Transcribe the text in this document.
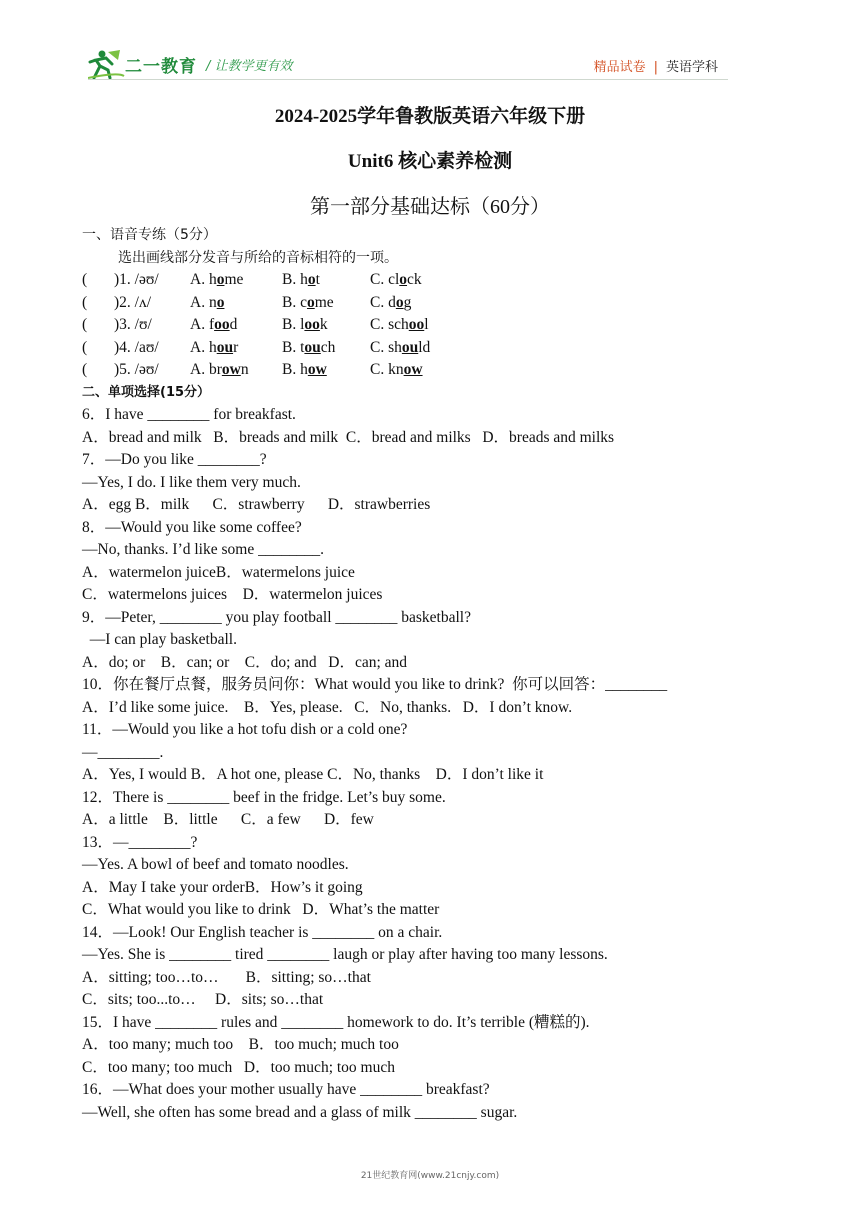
二一教育 / 让教学更有效	精品试卷 | 英语学科
2024-2025学年鲁教版英语六年级下册
Unit6 核心素养检测
第一部分基础达标（60分）
一、语音专练（5分）
选出画线部分发音与所给的音标相符的一项。
( )1. /əʊ/ A. home B. hot	C. clock
( )2. /ʌ/	A. no	B. come C. dog
( )3. /ʊ/ A. food	B. look	C. school
( )4. /aʊ/ A. hour	B. touch C. should
( )5. /əʊ/ A. brown B. how	C. know
二、单项选择(15分）
6．I have ________ for breakfast.
A．bread and milk   B．breads and milk  C．bread and milks   D．breads and milks
7．—Do you like ________?
—Yes, I do. I like them very much.
A．egg B．milk      C．strawberry      D．strawberries
8．—Would you like some coffee?
—No, thanks. I’d like some ________.
A．watermelon juiceB．watermelons juice
C．watermelons juices    D．watermelon juices
9．—Peter, ________ you play football ________ basketball?
—I can play basketball.
A．do; or    B．can; or    C．do; and   D．can; and
10．你在餐厅点餐，服务员问你：What would you like to drink?  你可以回答：________
A．I’d like some juice.    B．Yes, please.   C．No, thanks.   D．I don’t know.
11．—Would you like a hot tofu dish or a cold one?
—________.
A．Yes, I would B．A hot one, please C．No, thanks    D．I don’t like it
12．There is ________ beef in the fridge. Let’s buy some.
A．a little    B．little      C．a few      D．few
13．—________?
—Yes. A bowl of beef and tomato noodles.
A．May I take your orderB．How’s it going
C．What would you like to drink   D．What’s the matter
14．—Look! Our English teacher is ________ on a chair.
—Yes. She is ________ tired ________ laugh or play after having too many lessons.
A．sitting; too…to…       B．sitting; so…that
C．sits; too...to…     D．sits; so…that
15．I have ________ rules and ________ homework to do. It’s terrible (糟糕的).
A．too many; much too    B．too much; much too
C．too many; too much   D．too much; too much
16．—What does your mother usually have ________ breakfast?
—Well, she often has some bread and a glass of milk ________ sugar.
21世纪教育网(www.21cnjy.com)
